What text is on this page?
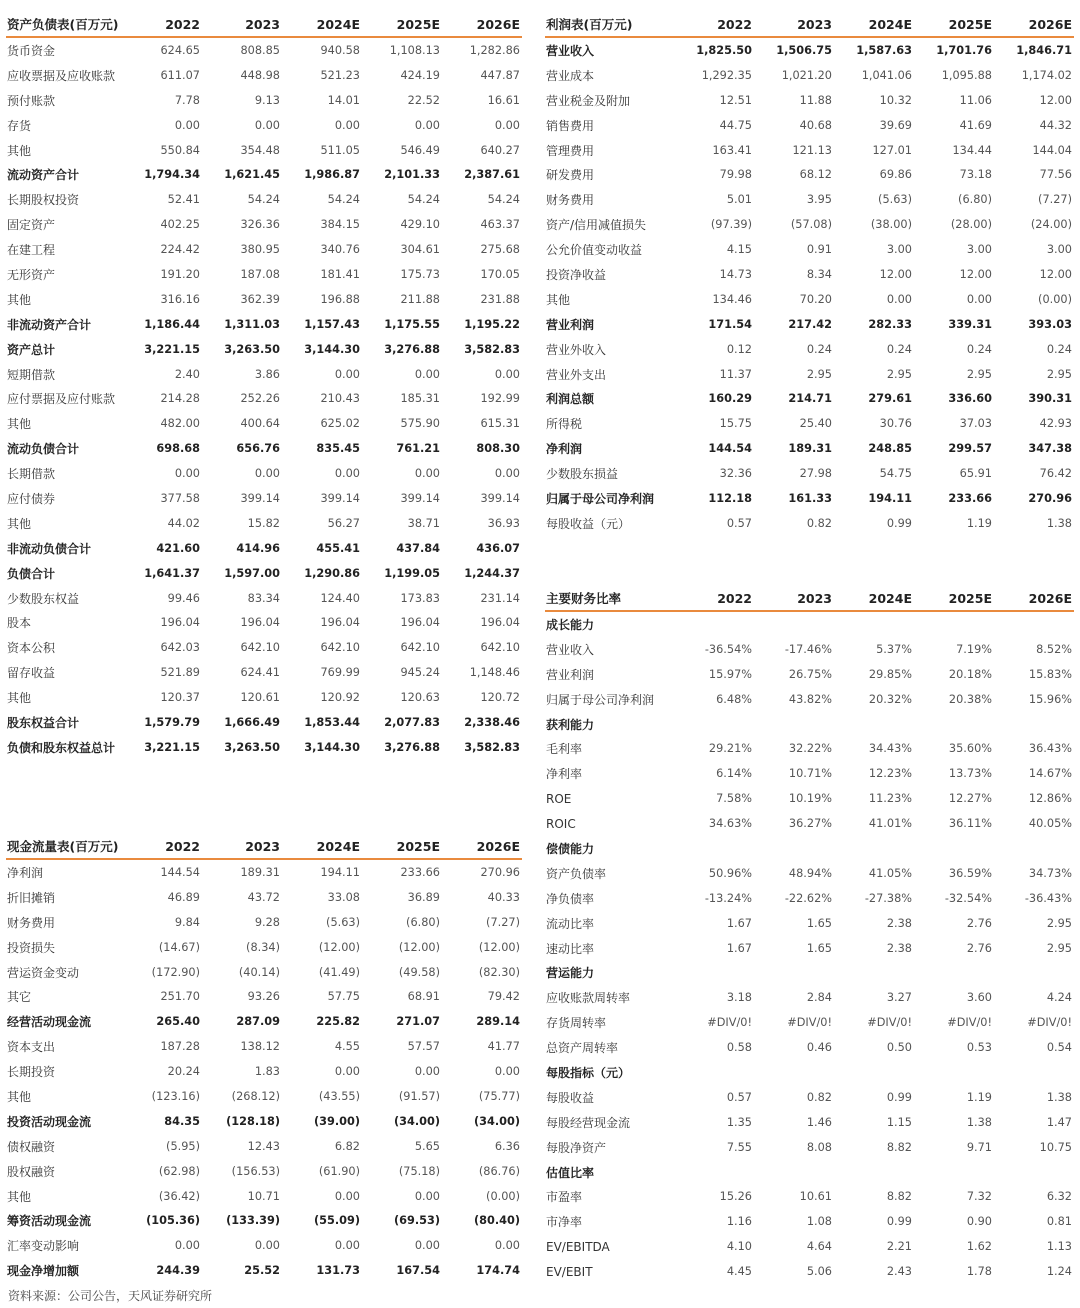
资产负债表(百万元)	2022	2023	2024E	2025E	2026E
货币资金	624.65	808.85	940.58	1,108.13	1,282.86
应收票据及应收账款	611.07	448.98	521.23	424.19	447.87
预付账款	7.78	9.13	14.01	22.52	16.61
存货	0.00	0.00	0.00	0.00	0.00
其他	550.84	354.48	511.05	546.49	640.27
流动资产合计	1,794.34	1,621.45	1,986.87	2,101.33	2,387.61
长期股权投资	52.41	54.24	54.24	54.24	54.24
固定资产	402.25	326.36	384.15	429.10	463.37
在建工程	224.42	380.95	340.76	304.61	275.68
无形资产	191.20	187.08	181.41	175.73	170.05
其他	316.16	362.39	196.88	211.88	231.88
非流动资产合计	1,186.44	1,311.03	1,157.43	1,175.55	1,195.22
资产总计	3,221.15	3,263.50	3,144.30	3,276.88	3,582.83
短期借款	2.40	3.86	0.00	0.00	0.00
应付票据及应付账款	214.28	252.26	210.43	185.31	192.99
其他	482.00	400.64	625.02	575.90	615.31
流动负债合计	698.68	656.76	835.45	761.21	808.30
长期借款	0.00	0.00	0.00	0.00	0.00
应付债券	377.58	399.14	399.14	399.14	399.14
其他	44.02	15.82	56.27	38.71	36.93
非流动负债合计	421.60	414.96	455.41	437.84	436.07
负债合计	1,641.37	1,597.00	1,290.86	1,199.05	1,244.37
少数股东权益	99.46	83.34	124.40	173.83	231.14
股本	196.04	196.04	196.04	196.04	196.04
资本公积	642.03	642.10	642.10	642.10	642.10
留存收益	521.89	624.41	769.99	945.24	1,148.46
其他	120.37	120.61	120.92	120.63	120.72
股东权益合计	1,579.79	1,666.49	1,853.44	2,077.83	2,338.46
负债和股东权益总计	3,221.15	3,263.50	3,144.30	3,276.88	3,582.83
利润表(百万元)	2022	2023	2024E	2025E	2026E
营业收入	1,825.50	1,506.75	1,587.63	1,701.76	1,846.71
营业成本	1,292.35	1,021.20	1,041.06	1,095.88	1,174.02
营业税金及附加	12.51	11.88	10.32	11.06	12.00
销售费用	44.75	40.68	39.69	41.69	44.32
管理费用	163.41	121.13	127.01	134.44	144.04
研发费用	79.98	68.12	69.86	73.18	77.56
财务费用	5.01	3.95	(5.63)	(6.80)	(7.27)
资产/信用减值损失	(97.39)	(57.08)	(38.00)	(28.00)	(24.00)
公允价值变动收益	4.15	0.91	3.00	3.00	3.00
投资净收益	14.73	8.34	12.00	12.00	12.00
其他	134.46	70.20	0.00	0.00	(0.00)
营业利润	171.54	217.42	282.33	339.31	393.03
营业外收入	0.12	0.24	0.24	0.24	0.24
营业外支出	11.37	2.95	2.95	2.95	2.95
利润总额	160.29	214.71	279.61	336.60	390.31
所得税	15.75	25.40	30.76	37.03	42.93
净利润	144.54	189.31	248.85	299.57	347.38
少数股东损益	32.36	27.98	54.75	65.91	76.42
归属于母公司净利润	112.18	161.33	194.11	233.66	270.96
每股收益（元）	0.57	0.82	0.99	1.19	1.38
主要财务比率	2022	2023	2024E	2025E	2026E
成长能力					
营业收入	-36.54%	-17.46%	5.37%	7.19%	8.52%
营业利润	15.97%	26.75%	29.85%	20.18%	15.83%
归属于母公司净利润	6.48%	43.82%	20.32%	20.38%	15.96%
获利能力					
毛利率	29.21%	32.22%	34.43%	35.60%	36.43%
净利率	6.14%	10.71%	12.23%	13.73%	14.67%
ROE	7.58%	10.19%	11.23%	12.27%	12.86%
ROIC	34.63%	36.27%	41.01%	36.11%	40.05%
偿债能力					
资产负债率	50.96%	48.94%	41.05%	36.59%	34.73%
净负债率	-13.24%	-22.62%	-27.38%	-32.54%	-36.43%
流动比率	1.67	1.65	2.38	2.76	2.95
速动比率	1.67	1.65	2.38	2.76	2.95
营运能力					
应收账款周转率	3.18	2.84	3.27	3.60	4.24
存货周转率	#DIV/0!	#DIV/0!	#DIV/0!	#DIV/0!	#DIV/0!
总资产周转率	0.58	0.46	0.50	0.53	0.54
每股指标（元）					
每股收益	0.57	0.82	0.99	1.19	1.38
每股经营现金流	1.35	1.46	1.15	1.38	1.47
每股净资产	7.55	8.08	8.82	9.71	10.75
估值比率					
市盈率	15.26	10.61	8.82	7.32	6.32
市净率	1.16	1.08	0.99	0.90	0.81
EV/EBITDA	4.10	4.64	2.21	1.62	1.13
EV/EBIT	4.45	5.06	2.43	1.78	1.24
现金流量表(百万元)	2022	2023	2024E	2025E	2026E
净利润	144.54	189.31	194.11	233.66	270.96
折旧摊销	46.89	43.72	33.08	36.89	40.33
财务费用	9.84	9.28	(5.63)	(6.80)	(7.27)
投资损失	(14.67)	(8.34)	(12.00)	(12.00)	(12.00)
营运资金变动	(172.90)	(40.14)	(41.49)	(49.58)	(82.30)
其它	251.70	93.26	57.75	68.91	79.42
经营活动现金流	265.40	287.09	225.82	271.07	289.14
资本支出	187.28	138.12	4.55	57.57	41.77
长期投资	20.24	1.83	0.00	0.00	0.00
其他	(123.16)	(268.12)	(43.55)	(91.57)	(75.77)
投资活动现金流	84.35	(128.18)	(39.00)	(34.00)	(34.00)
债权融资	(5.95)	12.43	6.82	5.65	6.36
股权融资	(62.98)	(156.53)	(61.90)	(75.18)	(86.76)
其他	(36.42)	10.71	0.00	0.00	(0.00)
筹资活动现金流	(105.36)	(133.39)	(55.09)	(69.53)	(80.40)
汇率变动影响	0.00	0.00	0.00	0.00	0.00
现金净增加额	244.39	25.52	131.73	167.54	174.74
资料来源：公司公告，天风证券研究所
